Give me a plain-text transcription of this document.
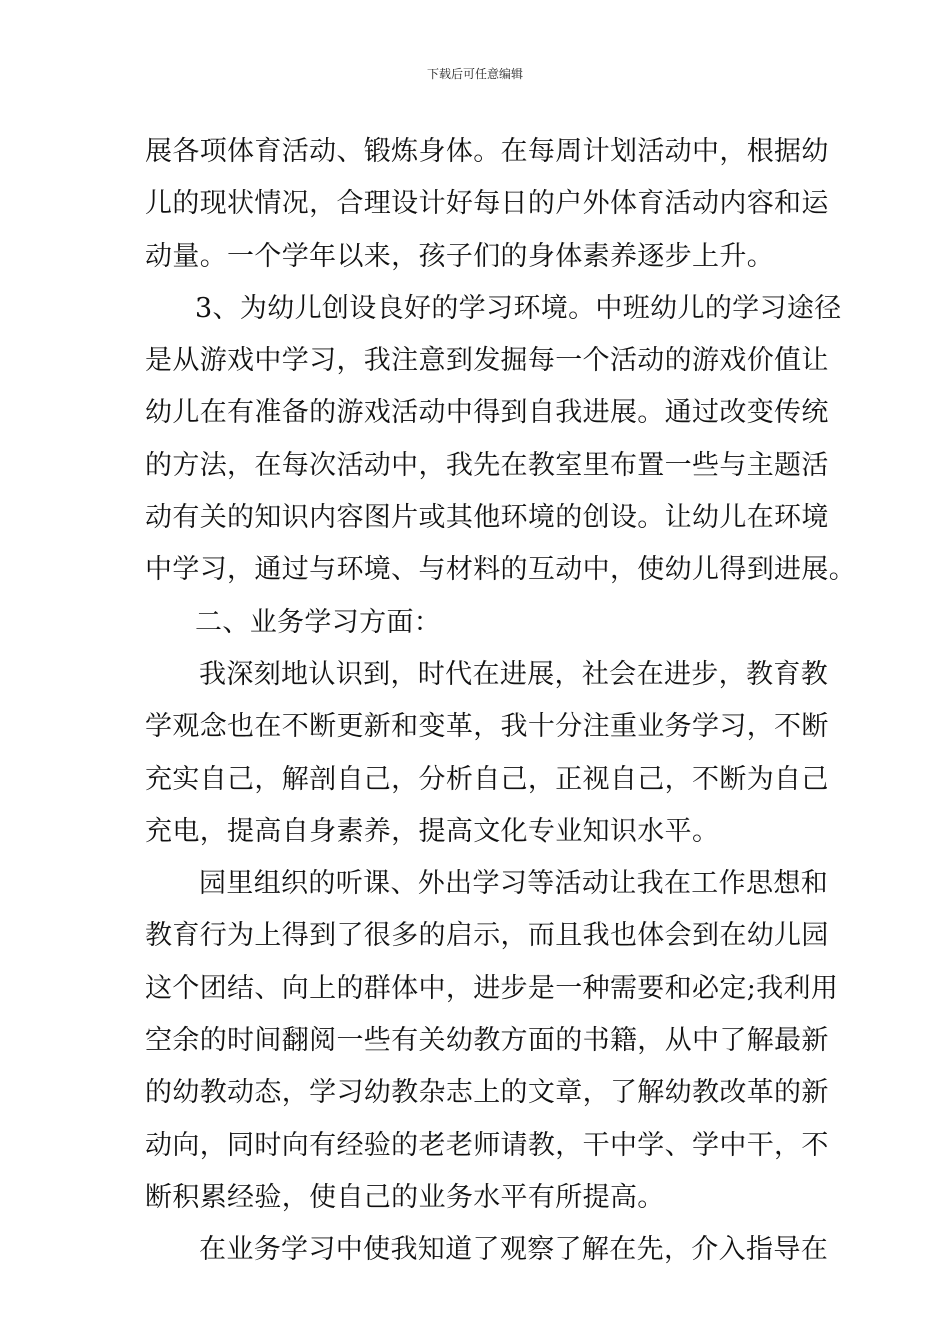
下载后可任意编辑
展各项体育活动、锻炼身体。在每周计划活动中，根据幼
儿的现状情况，合理设计好每日的户外体育活动内容和运
动量。一个学年以来，孩子们的身体素养逐步上升。
3、为幼儿创设良好的学习环境。中班幼儿的学习途径
是从游戏中学习，我注意到发掘每一个活动的游戏价值让
幼儿在有准备的游戏活动中得到自我进展。通过改变传统
的方法，在每次活动中，我先在教室里布置一些与主题活
动有关的知识内容图片或其他环境的创设。让幼儿在环境
中学习，通过与环境、与材料的互动中，使幼儿得到进展。
二、业务学习方面：
我深刻地认识到，时代在进展，社会在进步，教育教
学观念也在不断更新和变革，我十分注重业务学习，不断
充实自己，解剖自己，分析自己，正视自己，不断为自己
充电，提高自身素养，提高文化专业知识水平。
园里组织的听课、外出学习等活动让我在工作思想和
教育行为上得到了很多的启示，而且我也体会到在幼儿园
这个团结、向上的群体中，进步是一种需要和必定;我利用
空余的时间翻阅一些有关幼教方面的书籍，从中了解最新
的幼教动态，学习幼教杂志上的文章，了解幼教改革的新
动向，同时向有经验的老老师请教，干中学、学中干，不
断积累经验，使自己的业务水平有所提高。
在业务学习中使我知道了观察了解在先，介入指导在
